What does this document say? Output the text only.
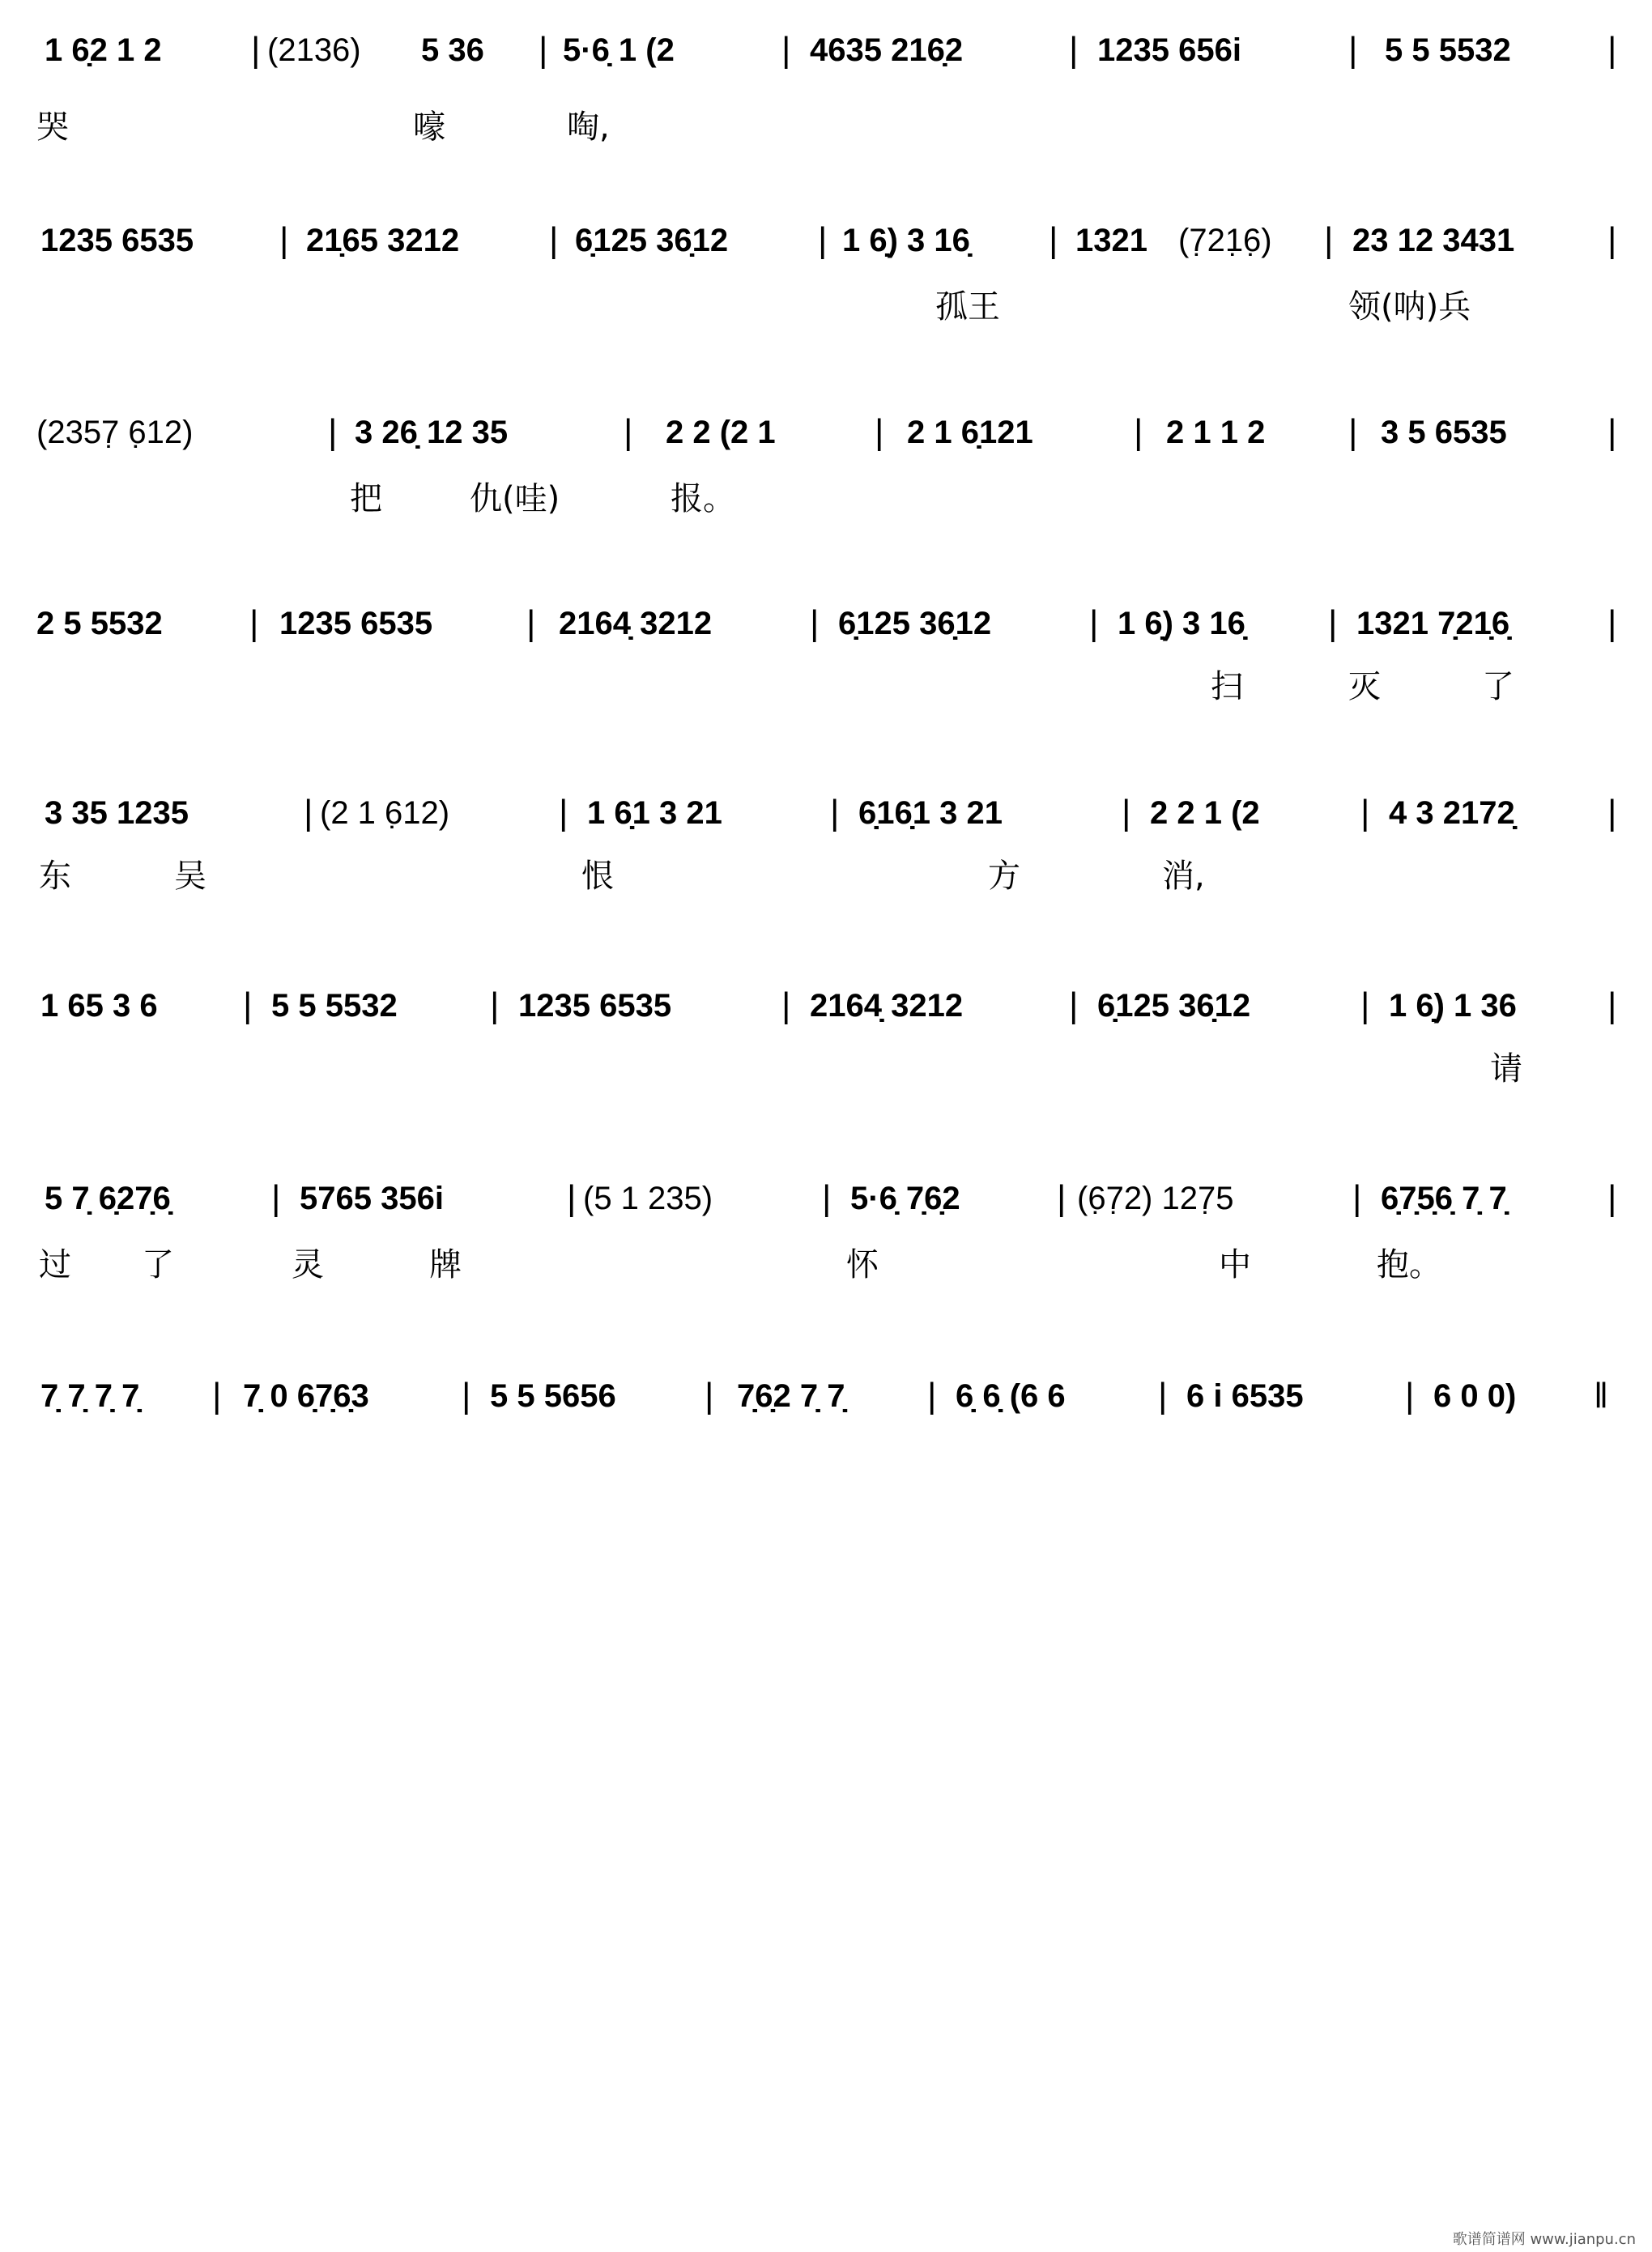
1 6̣2 1 2	| (2136) 5 36 | 5·6̣ 1 (2	| 4635 216̣2	| 1235 656i	| 5 5 5532	|
哭	嚎	啕,
1235 6535 | 21̣65 3212	| 6̣125 36̣12	| 1 6̣) 3 16̣ | 1321 (7̣21̣6̣) | 23 12 3431	|
孤王	领(呐)兵
(2357̣ 6̣12)	| 3 26̣ 12 35	| 2 2 (2 1	| 2 1 6̣121	| 2 1 1 2 | 3 5 6535	|
把	仇(哇)	报。
2 5 5532 | 1235 6535	| 2164̣ 3212	| 6̣125 36̣12	| 1 6̣) 3 16̣ | 1321 7̣21̣6̣	|
扫	灭	了
3 35 1235	| (2 1 6̣12)	| 1 6̣1 3 21	| 6̣16̣1 3 21	| 2 2 1 (2	| 4 3 2172̣	|
东	吴	恨	方	消,
1 65 3 6 | 5 5 5532	| 1235 6535	| 2164̣ 3212	| 6̣125 36̣12	| 1 6̣) 1 36	|
请
5 7̣ 6̣27̣6̣	| 5765 356i	| (5 1 235)	| 5·6̣ 7̣6̣2	| (6̣7̣2) 127̣5	| 6̣7̣5̣6̣ 7̣ 7̣	|
过 了	灵	牌	怀	中	抱。
7̣ 7̣ 7̣ 7̣ | 7̣ 0 6̣7̣6̣3	| 5 5 5656 | 7̣6̣2 7̣ 7̣ | 6̣ 6̣ (6 6	| 6 i 6535	| 6 0 0) ‖
歌谱简谱网 www.jianpu.cn
